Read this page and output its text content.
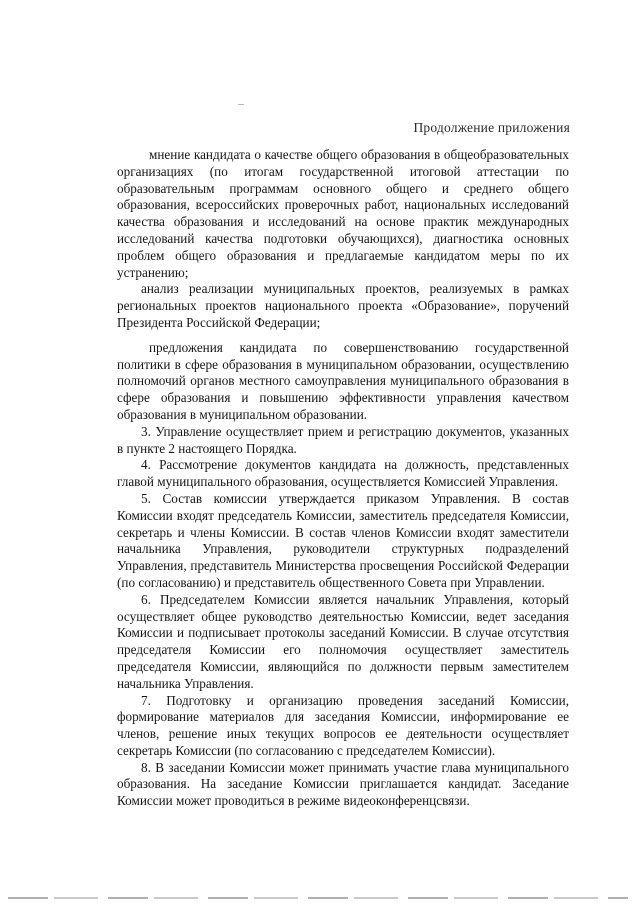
Продолжение приложения

мнение кандидата о качестве общего образования в общеобразовательных организациях (по итогам государственной итоговой аттестации по образовательным программам основного общего и среднего общего образования, всероссийских проверочных работ, национальных исследований качества образования и исследований на основе практик международных исследований качества подготовки обучающихся), диагностика основных проблем общего образования и предлагаемые кандидатом меры по их устранению;

анализ реализации муниципальных проектов, реализуемых в рамках региональных проектов национального проекта «Образование», поручений Президента Российской Федерации;

предложения кандидата по совершенствованию государственной политики в сфере образования в муниципальном образовании, осуществлению полномочий органов местного самоуправления муниципального образования в сфере образования и повышению эффективности управления качеством образования в муниципальном образовании.

3. Управление осуществляет прием и регистрацию документов, указанных в пункте 2 настоящего Порядка.

4. Рассмотрение документов кандидата на должность, представленных главой муниципального образования, осуществляется Комиссией Управления.

5. Состав комиссии утверждается приказом Управления. В состав Комиссии входят председатель Комиссии, заместитель председателя Комиссии, секретарь и члены Комиссии. В состав членов Комиссии входят заместители начальника Управления, руководители структурных подразделений Управления, представитель Министерства просвещения Российской Федерации (по согласованию) и представитель общественного Совета при Управлении.

6. Председателем Комиссии является начальник Управления, который осуществляет общее руководство деятельностью Комиссии, ведет заседания Комиссии и подписывает протоколы заседаний Комиссии. В случае отсутствия председателя Комиссии его полномочия осуществляет заместитель председателя Комиссии, являющийся по должности первым заместителем начальника Управления.

7. Подготовку и организацию проведения заседаний Комиссии, формирование материалов для заседания Комиссии, информирование ее членов, решение иных текущих вопросов ее деятельности осуществляет секретарь Комиссии (по согласованию с председателем Комиссии).

8. В заседании Комиссии может принимать участие глава муниципального образования. На заседание Комиссии приглашается кандидат. Заседание Комиссии может проводиться в режиме видеоконференцсвязи.
